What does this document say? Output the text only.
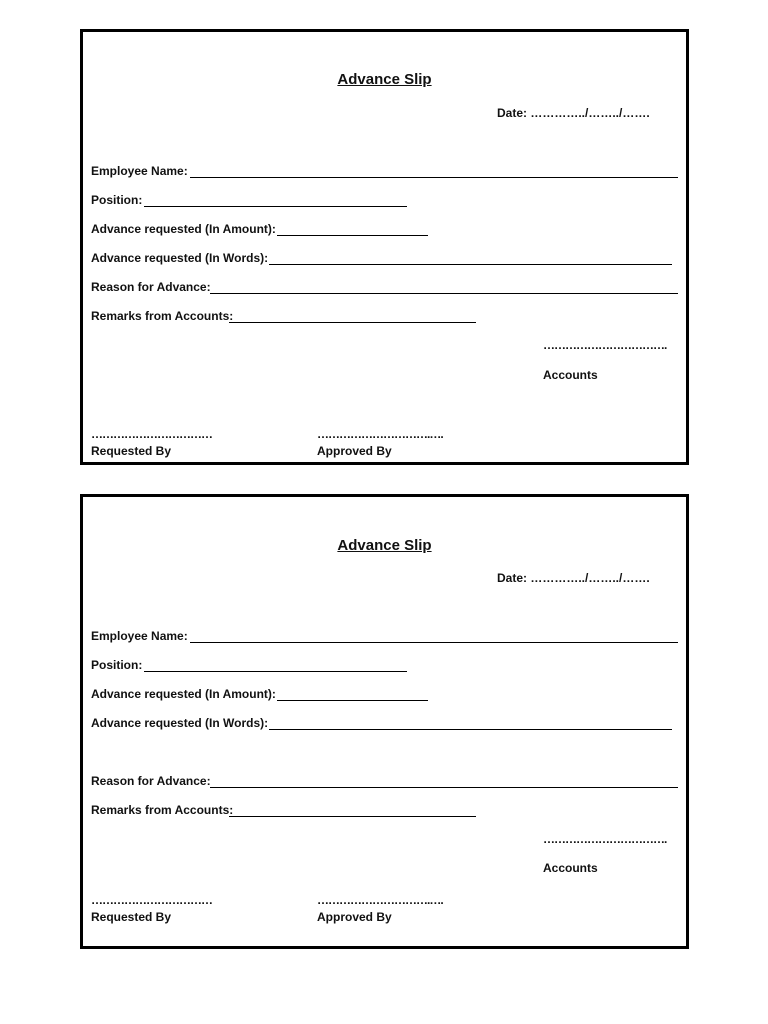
Advance Slip
Date: …………../……../…….
Employee Name:
Position:
Advance requested (In Amount):
Advance requested (In Words):
Reason for Advance:
Remarks from Accounts:
…………………………….
Accounts
……………………………
Requested By
………………………….….
Approved By
Advance Slip
Date: …………../……../…….
Employee Name:
Position:
Advance requested (In Amount):
Advance requested (In Words):
Reason for Advance:
Remarks from Accounts:
…………………………….
Accounts
……………………………
Requested By
………………………….….
Approved By
